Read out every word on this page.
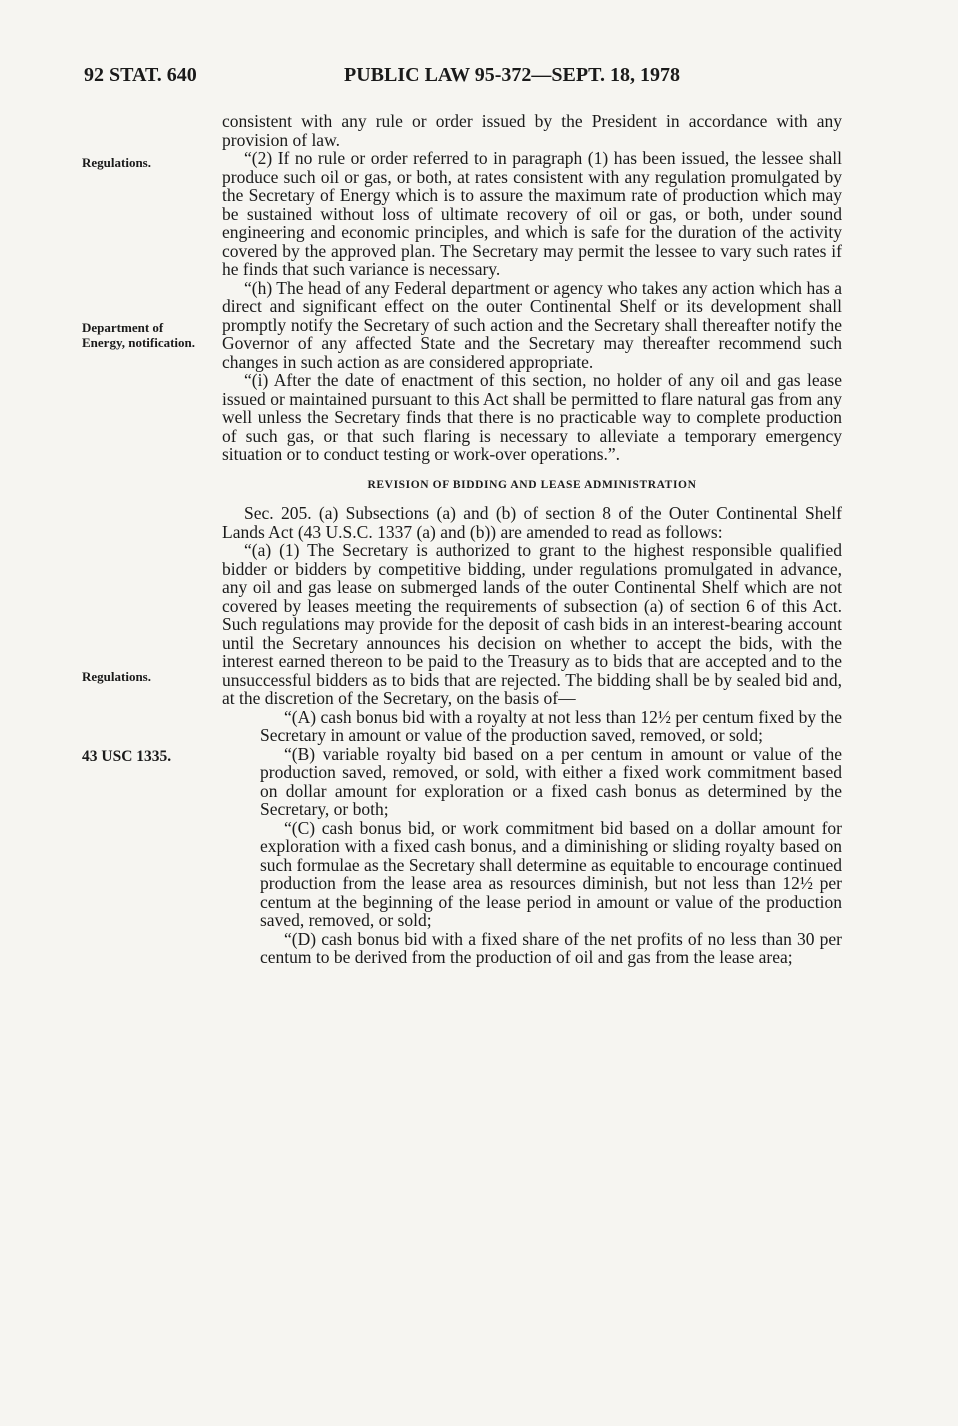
92 STAT. 640	PUBLIC LAW 95-372—SEPT. 18, 1978
Regulations.
Department of Energy, notification.
Regulations.
43 USC 1335.

consistent with any rule or order issued by the President in accordance with any provision of law.

“(2) If no rule or order referred to in paragraph (1) has been issued, the lessee shall produce such oil or gas, or both, at rates consistent with any regulation promulgated by the Secretary of Energy which is to assure the maximum rate of production which may be sustained without loss of ultimate recovery of oil or gas, or both, under sound engineering and economic principles, and which is safe for the duration of the activity covered by the approved plan. The Secretary may permit the lessee to vary such rates if he finds that such variance is necessary.

“(h) The head of any Federal department or agency who takes any action which has a direct and significant effect on the outer Continental Shelf or its development shall promptly notify the Secretary of such action and the Secretary shall thereafter notify the Governor of any affected State and the Secretary may thereafter recommend such changes in such action as are considered appropriate.

“(i) After the date of enactment of this section, no holder of any oil and gas lease issued or maintained pursuant to this Act shall be permitted to flare natural gas from any well unless the Secretary finds that there is no practicable way to complete production of such gas, or that such flaring is necessary to alleviate a temporary emergency situation or to conduct testing or work-over operations.”.

REVISION OF BIDDING AND LEASE ADMINISTRATION

Sec. 205. (a) Subsections (a) and (b) of section 8 of the Outer Continental Shelf Lands Act (43 U.S.C. 1337 (a) and (b)) are amended to read as follows:

“(a) (1) The Secretary is authorized to grant to the highest responsible qualified bidder or bidders by competitive bidding, under regulations promulgated in advance, any oil and gas lease on submerged lands of the outer Continental Shelf which are not covered by leases meeting the requirements of subsection (a) of section 6 of this Act. Such regulations may provide for the deposit of cash bids in an interest-bearing account until the Secretary announces his decision on whether to accept the bids, with the interest earned thereon to be paid to the Treasury as to bids that are accepted and to the unsuccessful bidders as to bids that are rejected. The bidding shall be by sealed bid and, at the discretion of the Secretary, on the basis of—

“(A) cash bonus bid with a royalty at not less than 12½ per centum fixed by the Secretary in amount or value of the production saved, removed, or sold;

“(B) variable royalty bid based on a per centum in amount or value of the production saved, removed, or sold, with either a fixed work commitment based on dollar amount for exploration or a fixed cash bonus as determined by the Secretary, or both;

“(C) cash bonus bid, or work commitment bid based on a dollar amount for exploration with a fixed cash bonus, and a diminishing or sliding royalty based on such formulae as the Secretary shall determine as equitable to encourage continued production from the lease area as resources diminish, but not less than 12½ per centum at the beginning of the lease period in amount or value of the production saved, removed, or sold;

“(D) cash bonus bid with a fixed share of the net profits of no less than 30 per centum to be derived from the production of oil and gas from the lease area;
